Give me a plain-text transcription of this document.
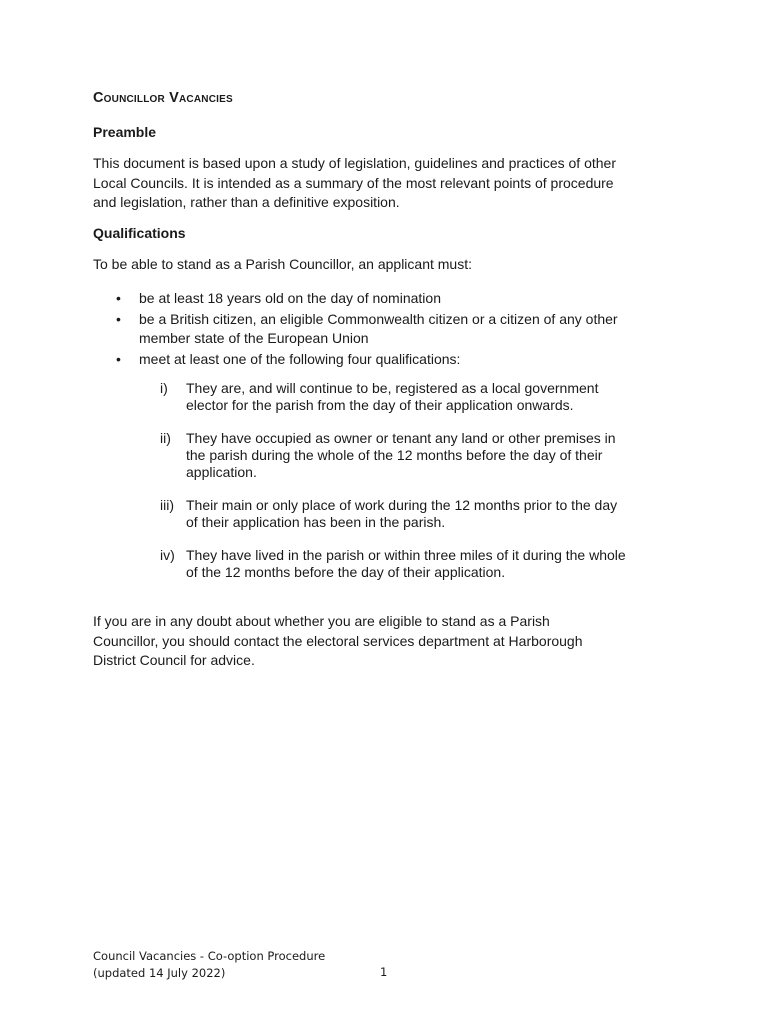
Councillor Vacancies
Preamble

This document is based upon a study of legislation, guidelines and practices of other
Local Councils. It is intended as a summary of the most relevant points of procedure
and legislation, rather than a definitive exposition.

Qualifications

To be able to stand as a Parish Councillor, an applicant must:

• be at least 18 years old on the day of nomination
• be a British citizen, an eligible Commonwealth citizen or a citizen of any other
member state of the European Union
• meet at least one of the following four qualifications:
i)	They are, and will continue to be, registered as a local government
elector for the parish from the day of their application onwards.
ii)	They have occupied as owner or tenant any land or other premises in
the parish during the whole of the 12 months before the day of their
application.
iii) Their main or only place of work during the 12 months prior to the day
of their application has been in the parish.
iv) They have lived in the parish or within three miles of it during the whole
of the 12 months before the day of their application.

If you are in any doubt about whether you are eligible to stand as a Parish
Councillor, you should contact the electoral services department at Harborough
District Council for advice.

Council Vacancies - Co-option Procedure
(updated 14 July 2022)	1
